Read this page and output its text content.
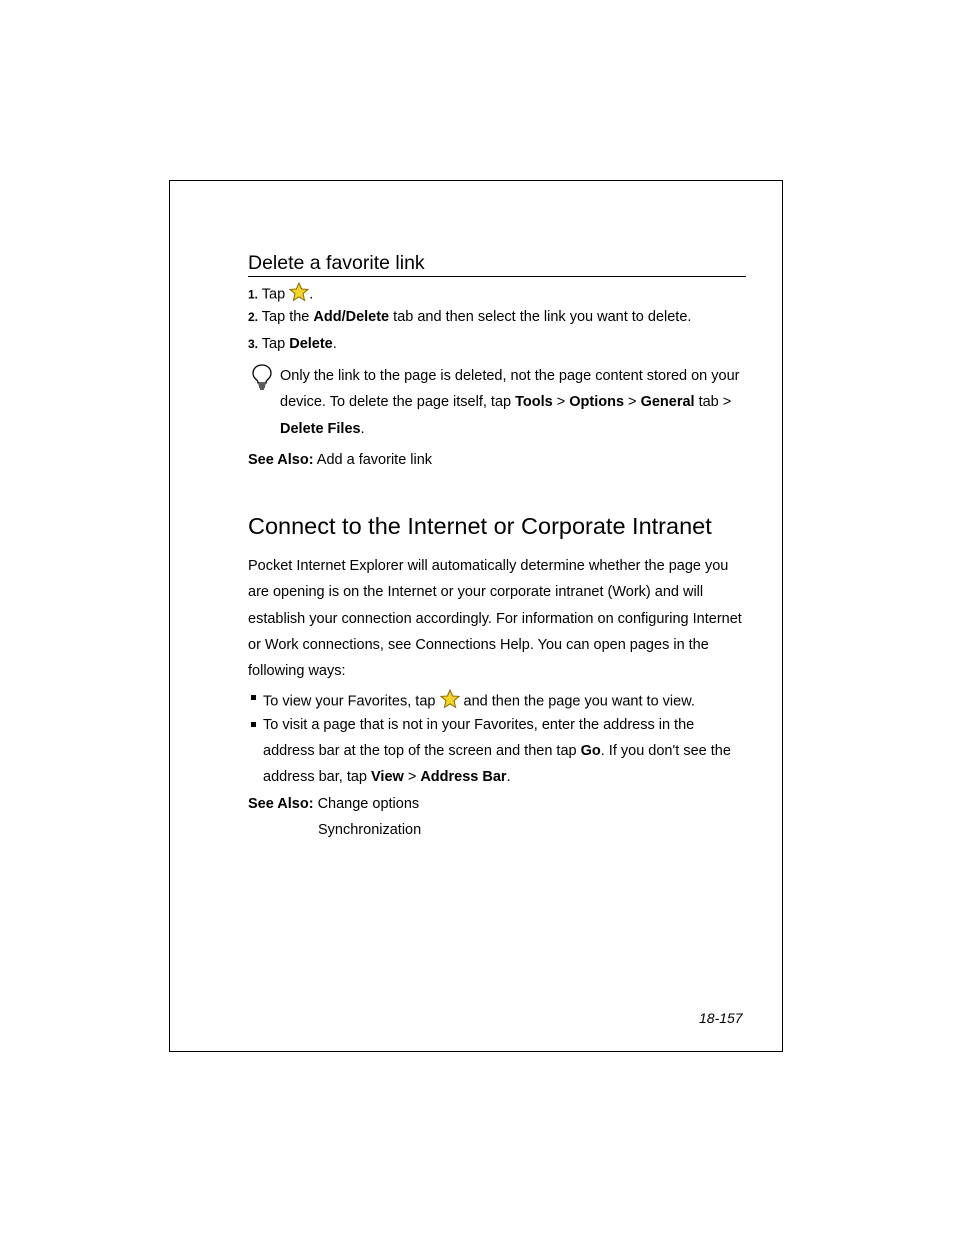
Delete a favorite link
1. Tap .
2. Tap the Add/Delete tab and then select the link you want to delete.
3. Tap Delete.
Only the link to the page is deleted, not the page content stored on your
device. To delete the page itself, tap Tools > Options > General tab >
Delete Files.
See Also: Add a favorite link
Connect to the Internet or Corporate Intranet
Pocket Internet Explorer will automatically determine whether the page you
are opening is on the Internet or your corporate intranet (Work) and will
establish your connection accordingly. For information on configuring Internet
or Work connections, see Connections Help. You can open pages in the
following ways:
To view your Favorites, tap and then the page you want to view.
To visit a page that is not in your Favorites, enter the address in the
address bar at the top of the screen and then tap Go. If you don't see the
address bar, tap View > Address Bar.
See Also: Change options
Synchronization
18-157
